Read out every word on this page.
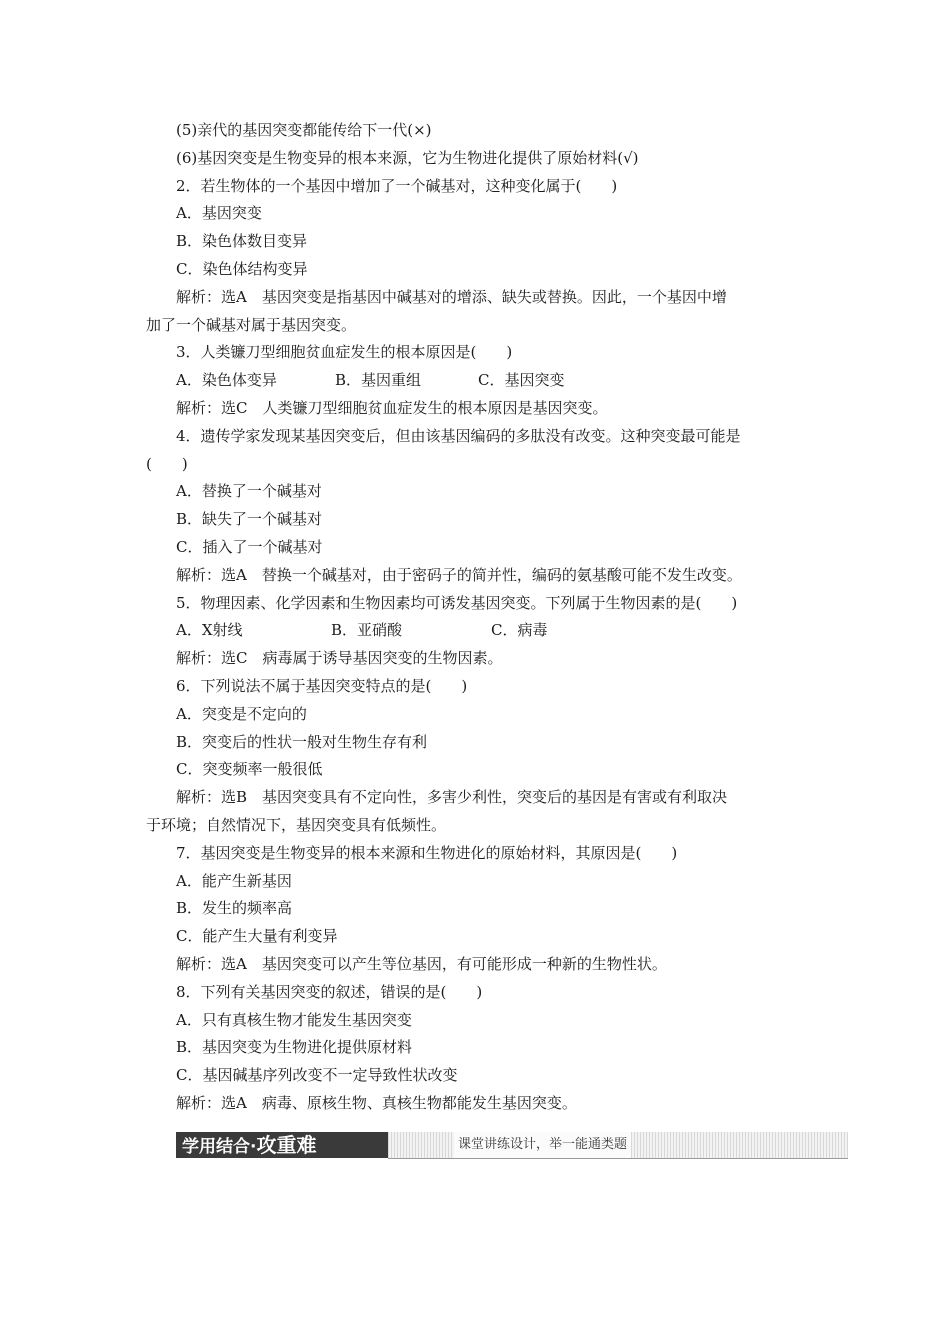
(5)亲代的基因突变都能传给下一代(×)

(6)基因突变是生物变异的根本来源，它为生物进化提供了原始材料(√)

2．若生物体的一个基因中增加了一个碱基对，这种变化属于(　　)

A．基因突变

B．染色体数目变异

C．染色体结构变异

解析：选A　基因突变是指基因中碱基对的增添、缺失或替换。因此，一个基因中增

加了一个碱基对属于基因突变。

3．人类镰刀型细胞贫血症发生的根本原因是(　　)

A．染色体变异	B．基因重组	C．基因突变

解析：选C　人类镰刀型细胞贫血症发生的根本原因是基因突变。

4．遗传学家发现某基因突变后，但由该基因编码的多肽没有改变。这种突变最可能是

(　　)

A．替换了一个碱基对

B．缺失了一个碱基对

C．插入了一个碱基对

解析：选A　替换一个碱基对，由于密码子的简并性，编码的氨基酸可能不发生改变。

5．物理因素、化学因素和生物因素均可诱发基因突变。下列属于生物因素的是(　　)

A．X射线	B．亚硝酸	C．病毒

解析：选C　病毒属于诱导基因突变的生物因素。

6．下列说法不属于基因突变特点的是(　　)

A．突变是不定向的

B．突变后的性状一般对生物生存有利

C．突变频率一般很低

解析：选B　基因突变具有不定向性，多害少利性，突变后的基因是有害或有利取决

于环境；自然情况下，基因突变具有低频性。

7．基因突变是生物变异的根本来源和生物进化的原始材料，其原因是(　　)

A．能产生新基因

B．发生的频率高

C．能产生大量有利变异

解析：选A　基因突变可以产生等位基因，有可能形成一种新的生物性状。

8．下列有关基因突变的叙述，错误的是(　　)

A．只有真核生物才能发生基因突变

B．基因突变为生物进化提供原材料

C．基因碱基序列改变不一定导致性状改变

解析：选A　病毒、原核生物、真核生物都能发生基因突变。

学用结合·攻重难	课堂讲练设计，举一能通类题
